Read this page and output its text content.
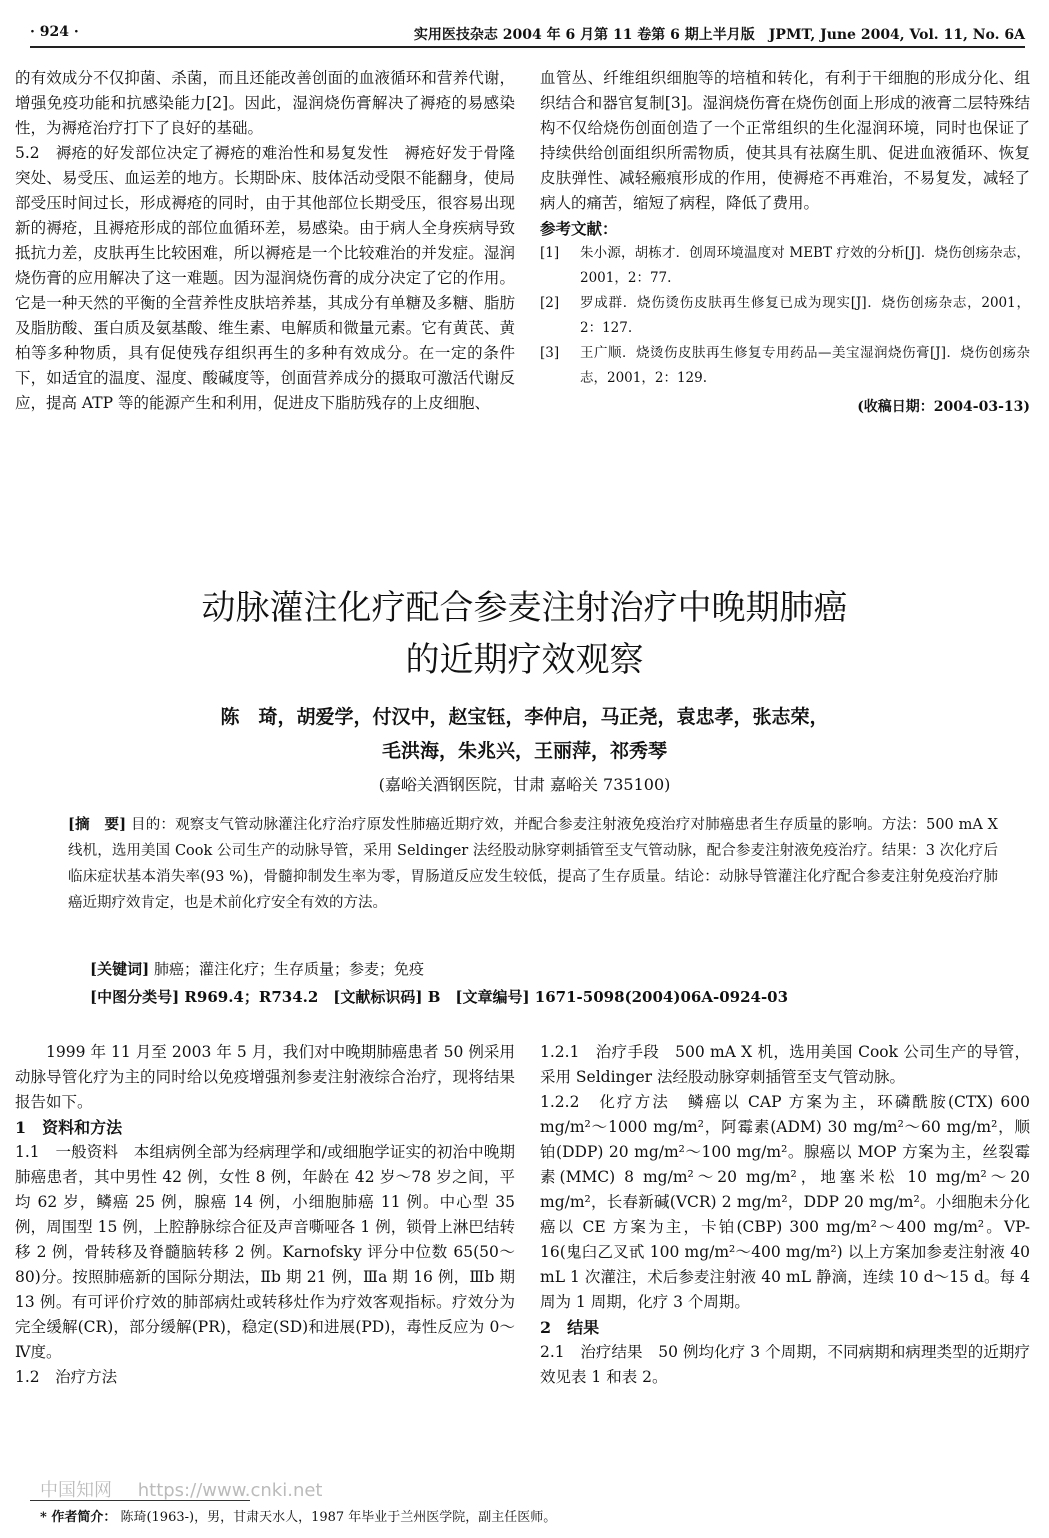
· 924 ·	实用医技杂志 2004 年 6 月第 11 卷第 6 期上半月版　JPMT, June 2004, Vol. 11, No. 6A

的有效成分不仅抑菌、杀菌，而且还能改善创面的血液循环和营养代谢，增强免疫功能和抗感染能力[2]。因此，湿润烧伤膏解决了褥疮的易感染性，为褥疮治疗打下了良好的基础。

5.2　褥疮的好发部位决定了褥疮的难治性和易复发性　褥疮好发于骨隆突处、易受压、血运差的地方。长期卧床、肢体活动受限不能翻身，使局部受压时间过长，形成褥疮的同时，由于其他部位长期受压，很容易出现新的褥疮，且褥疮形成的部位血循环差，易感染。由于病人全身疾病导致抵抗力差，皮肤再生比较困难，所以褥疮是一个比较难治的并发症。湿润烧伤膏的应用解决了这一难题。因为湿润烧伤膏的成分决定了它的作用。它是一种天然的平衡的全营养性皮肤培养基，其成分有单糖及多糖、脂肪及脂肪酸、蛋白质及氨基酸、维生素、电解质和微量元素。它有黄芪、黄柏等多种物质，具有促使残存组织再生的多种有效成分。在一定的条件下，如适宜的温度、湿度、酸碱度等，创面营养成分的摄取可激活代谢反应，提高 ATP 等的能源产生和利用，促进皮下脂肪残存的上皮细胞、

血管丛、纤维组织细胞等的培植和转化，有利于干细胞的形成分化、组织结合和器官复制[3]。湿润烧伤膏在烧伤创面上形成的液膏二层特殊结构不仅给烧伤创面创造了一个正常组织的生化湿润环境，同时也保证了持续供给创面组织所需物质，使其具有祛腐生肌、促进血液循环、恢复皮肤弹性、减轻瘢痕形成的作用，使褥疮不再难治，不易复发，减轻了病人的痛苦，缩短了病程，降低了费用。

参考文献：
[1]	朱小源，胡栋才．创周环境温度对 MEBT 疗效的分析[J]．烧伤创疡杂志，2001，2：77.
[2]	罗成群．烧伤烫伤皮肤再生修复已成为现实[J]．烧伤创疡杂志，2001，2：127.
[3]	王广顺．烧烫伤皮肤再生修复专用药品—美宝湿润烧伤膏[J]．烧伤创疡杂志，2001，2：129.
(收稿日期：2004-03-13)
动脉灌注化疗配合参麦注射治疗中晚期肺癌
的近期疗效观察
陈　琦，胡爱学，付汉中，赵宝钰，李仲启，马正尧，袁忠孝，张志荣，
毛洪海，朱兆兴，王丽萍，祁秀琴
(嘉峪关酒钢医院，甘肃 嘉峪关 735100)
[摘　要] 目的：观察支气管动脉灌注化疗治疗原发性肺癌近期疗效，并配合参麦注射液免疫治疗对肺癌患者生存质量的影响。方法：500 mA X 线机，选用美国 Cook 公司生产的动脉导管，采用 Seldinger 法经股动脉穿刺插管至支气管动脉，配合参麦注射液免疫治疗。结果：3 次化疗后临床症状基本消失率(93 %)，骨髓抑制发生率为零，胃肠道反应发生较低，提高了生存质量。结论：动脉导管灌注化疗配合参麦注射免疫治疗肺癌近期疗效肯定，也是术前化疗安全有效的方法。
[关键词] 肺癌；灌注化疗；生存质量；参麦；免疫
[中图分类号] R969.4；R734.2　[文献标识码] B　[文章编号] 1671-5098(2004)06A-0924-03

1999 年 11 月至 2003 年 5 月，我们对中晚期肺癌患者 50 例采用动脉导管化疗为主的同时给以免疫增强剂参麦注射液综合治疗，现将结果报告如下。

1　资料和方法

1.1　一般资料　本组病例全部为经病理学和/或细胞学证实的初治中晚期肺癌患者，其中男性 42 例，女性 8 例，年龄在 42 岁～78 岁之间，平均 62 岁，鳞癌 25 例，腺癌 14 例，小细胞肺癌 11 例。中心型 35 例，周围型 15 例，上腔静脉综合征及声音嘶哑各 1 例，锁骨上淋巴结转移 2 例，骨转移及脊髓脑转移 2 例。Karnofsky 评分中位数 65(50～80)分。按照肺癌新的国际分期法，Ⅱb 期 21 例，Ⅲa 期 16 例，Ⅲb 期 13 例。有可评价疗效的肺部病灶或转移灶作为疗效客观指标。疗效分为完全缓解(CR)，部分缓解(PR)，稳定(SD)和进展(PD)，毒性反应为 0～Ⅳ度。

1.2　治疗方法

1.2.1　治疗手段　500 mA X 机，选用美国 Cook 公司生产的导管，采用 Seldinger 法经股动脉穿刺插管至支气管动脉。

1.2.2　化疗方法　鳞癌以 CAP 方案为主，环磷酰胺(CTX) 600 mg/m²～1000 mg/m²，阿霉素(ADM) 30 mg/m²～60 mg/m²，顺铂(DDP) 20 mg/m²～100 mg/m²。腺癌以 MOP 方案为主，丝裂霉素(MMC) 8 mg/m²～20 mg/m²，地塞米松 10 mg/m²～20 mg/m²，长春新碱(VCR) 2 mg/m²，DDP 20 mg/m²。小细胞未分化癌以 CE 方案为主，卡铂(CBP) 300 mg/m²～400 mg/m²。VP-16(鬼臼乙叉甙 100 mg/m²～400 mg/m²) 以上方案加参麦注射液 40 mL 1 次灌注，术后参麦注射液 40 mL 静滴，连续 10 d～15 d。每 4 周为 1 周期，化疗 3 个周期。

2　结果

2.1　治疗结果　50 例均化疗 3 个周期，不同病期和病理类型的近期疗效见表 1 和表 2。

中国知网 https://www.cnki.net
* 作者简介： 陈琦(1963-)，男，甘肃天水人，1987 年毕业于兰州医学院，副主任医师。
